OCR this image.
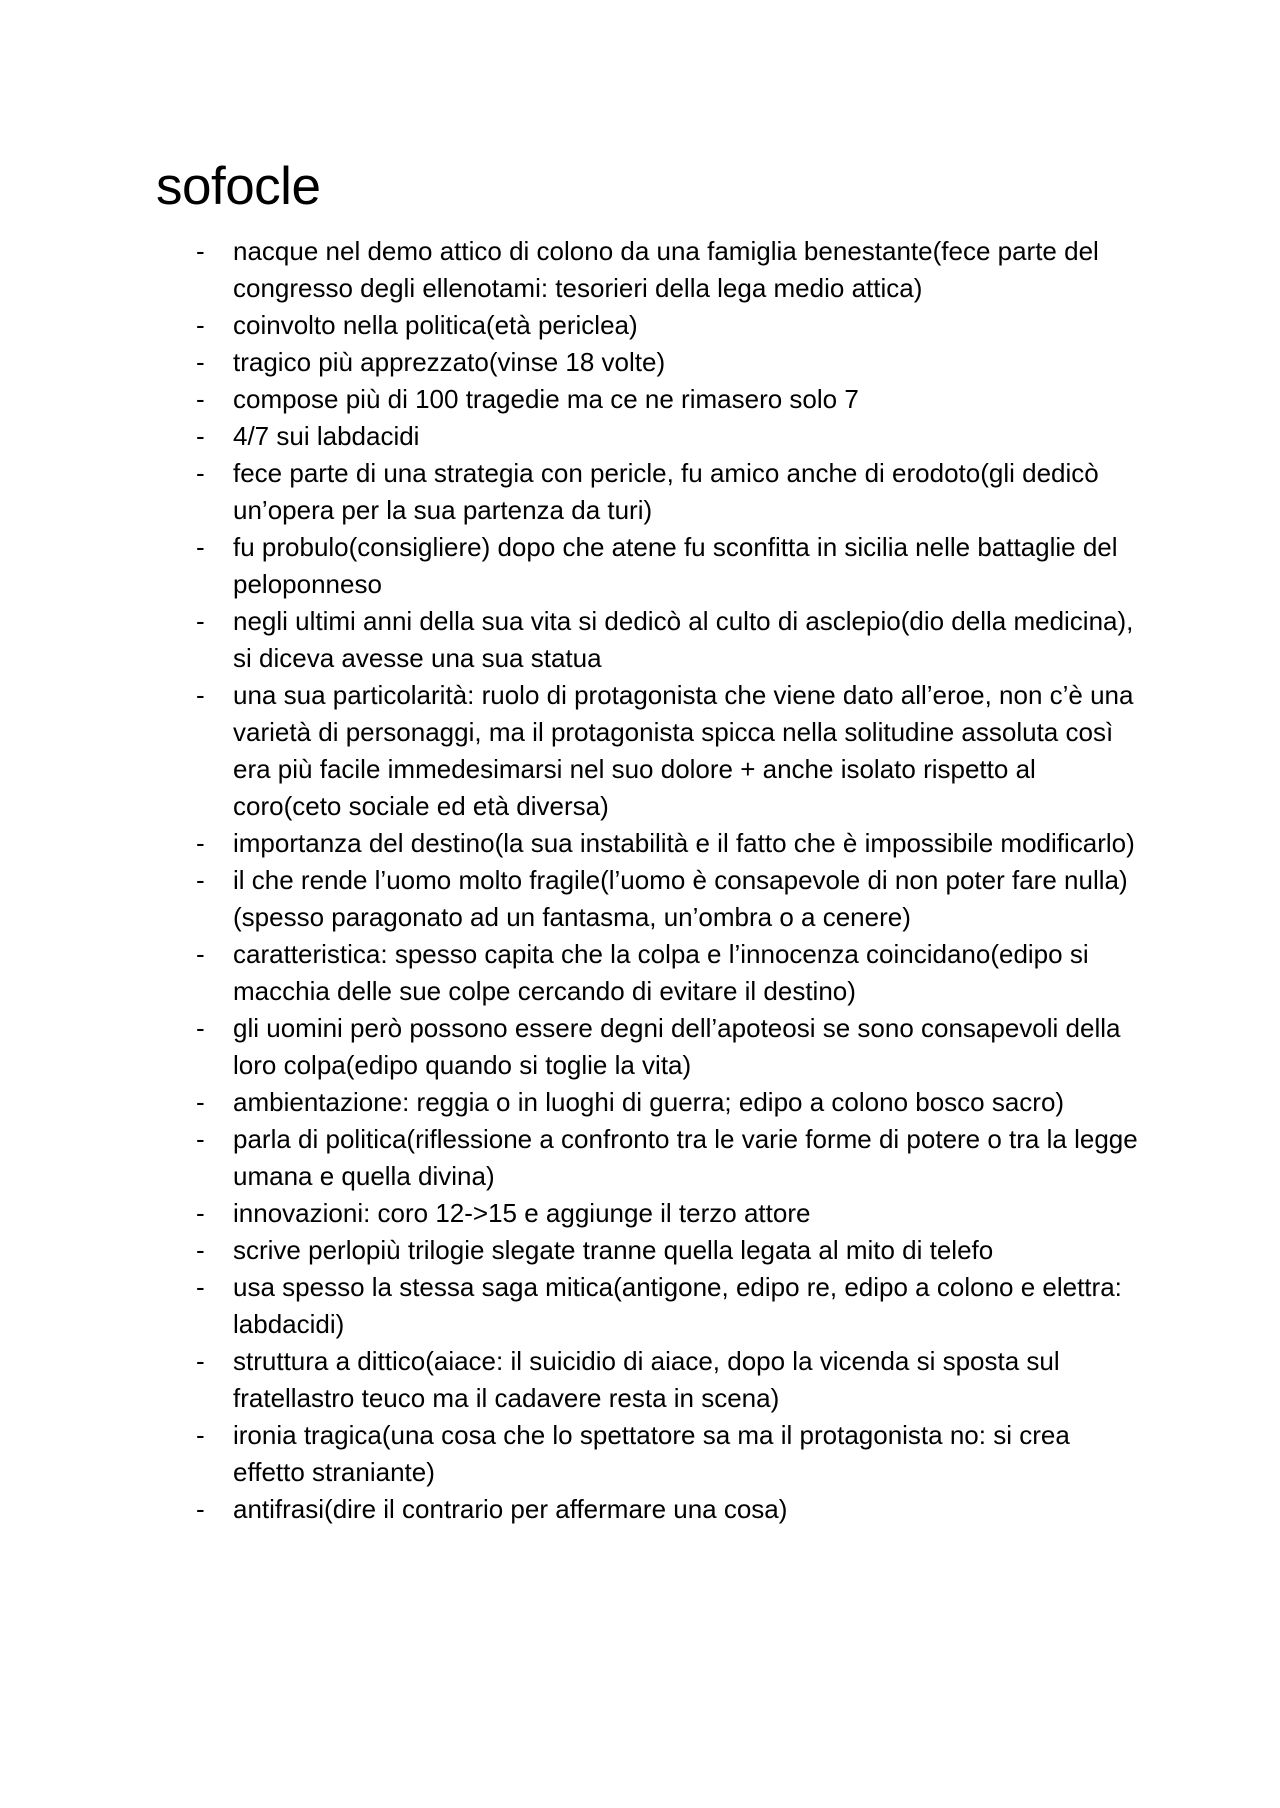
sofocle
- nacque nel demo attico di colono da una famiglia benestante(fece parte del congresso degli ellenotami: tesorieri della lega medio attica)
- coinvolto nella politica(età periclea)
- tragico più apprezzato(vinse 18 volte)
- compose più di 100 tragedie ma ce ne rimasero solo 7
- 4/7 sui labdacidi
- fece parte di una strategia con pericle, fu amico anche di erodoto(gli dedicò un’opera per la sua partenza da turi)
- fu probulo(consigliere) dopo che atene fu sconfitta in sicilia nelle battaglie del peloponneso
- negli ultimi anni della sua vita si dedicò al culto di asclepio(dio della medicina), si diceva avesse una sua statua
- una sua particolarità: ruolo di protagonista che viene dato all’eroe, non c’è una varietà di personaggi, ma il protagonista spicca nella solitudine assoluta così era più facile immedesimarsi nel suo dolore + anche isolato rispetto al coro(ceto sociale ed età diversa)
- importanza del destino(la sua instabilità e il fatto che è impossibile modificarlo)
- il che rende l’uomo molto fragile(l’uomo è consapevole di non poter fare nulla)(spesso paragonato ad un fantasma, un’ombra o a cenere)
- caratteristica: spesso capita che la colpa e l’innocenza coincidano(edipo si macchia delle sue colpe cercando di evitare il destino)
- gli uomini però possono essere degni dell’apoteosi se sono consapevoli della loro colpa(edipo quando si toglie la vita)
- ambientazione: reggia o in luoghi di guerra; edipo a colono bosco sacro)
- parla di politica(riflessione a confronto tra le varie forme di potere o tra la legge umana e quella divina)
- innovazioni: coro 12->15 e aggiunge il terzo attore
- scrive perlopiù trilogie slegate tranne quella legata al mito di telefo
- usa spesso la stessa saga mitica(antigone, edipo re, edipo a colono e elettra: labdacidi)
- struttura a dittico(aiace: il suicidio di aiace, dopo la vicenda si sposta sul fratellastro teuco ma il cadavere resta in scena)
- ironia tragica(una cosa che lo spettatore sa ma il protagonista no: si crea effetto straniante)
- antifrasi(dire il contrario per affermare una cosa)
